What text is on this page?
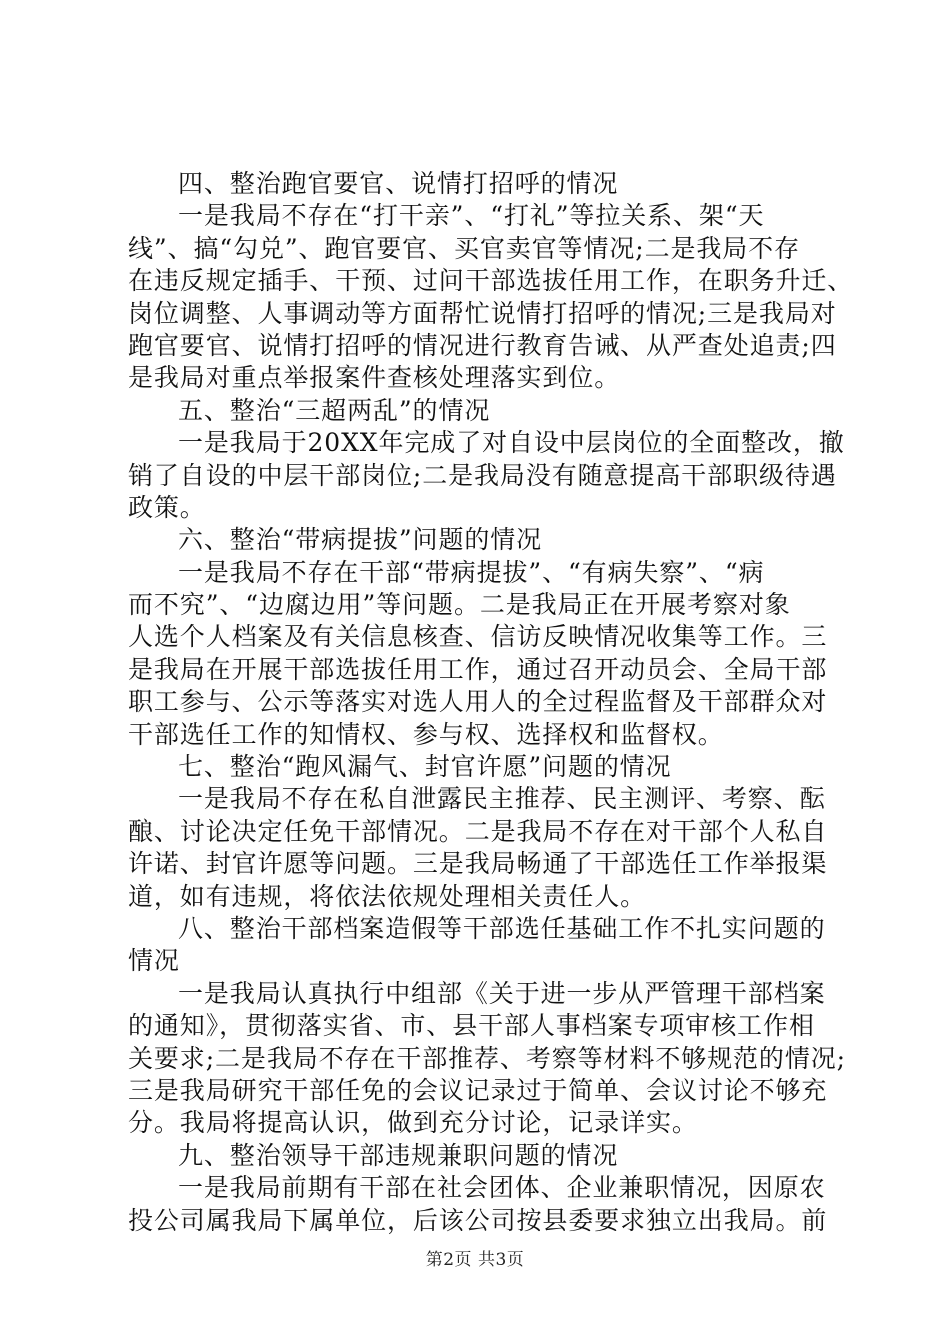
四、整治跑官要官、说情打招呼的情况
一是我局不存在“打干亲”、“打礼”等拉关系、架“天
线”、搞“勾兑”、跑官要官、买官卖官等情况;二是我局不存
在违反规定插手、干预、过问干部选拔任用工作，在职务升迁、
岗位调整、人事调动等方面帮忙说情打招呼的情况;三是我局对
跑官要官、说情打招呼的情况进行教育告诫、从严查处追责;四
是我局对重点举报案件查核处理落实到位。
五、整治“三超两乱”的情况
一是我局于20XX年完成了对自设中层岗位的全面整改，撤
销了自设的中层干部岗位;二是我局没有随意提高干部职级待遇
政策。
六、整治“带病提拔”问题的情况
一是我局不存在干部“带病提拔”、“有病失察”、“病
而不究”、“边腐边用”等问题。二是我局正在开展考察对象
人选个人档案及有关信息核查、信访反映情况收集等工作。三
是我局在开展干部选拔任用工作，通过召开动员会、全局干部
职工参与、公示等落实对选人用人的全过程监督及干部群众对
干部选任工作的知情权、参与权、选择权和监督权。
七、整治“跑风漏气、封官许愿”问题的情况
一是我局不存在私自泄露民主推荐、民主测评、考察、酝
酿、讨论决定任免干部情况。二是我局不存在对干部个人私自
许诺、封官许愿等问题。三是我局畅通了干部选任工作举报渠
道，如有违规，将依法依规处理相关责任人。
八、整治干部档案造假等干部选任基础工作不扎实问题的
情况
一是我局认真执行中组部《关于进一步从严管理干部档案
的通知》，贯彻落实省、市、县干部人事档案专项审核工作相
关要求;二是我局不存在干部推荐、考察等材料不够规范的情况;
三是我局研究干部任免的会议记录过于简单、会议讨论不够充
分。我局将提高认识，做到充分讨论，记录详实。
九、整治领导干部违规兼职问题的情况
一是我局前期有干部在社会团体、企业兼职情况，因原农
投公司属我局下属单位，后该公司按县委要求独立出我局。前
第2页 共3页
